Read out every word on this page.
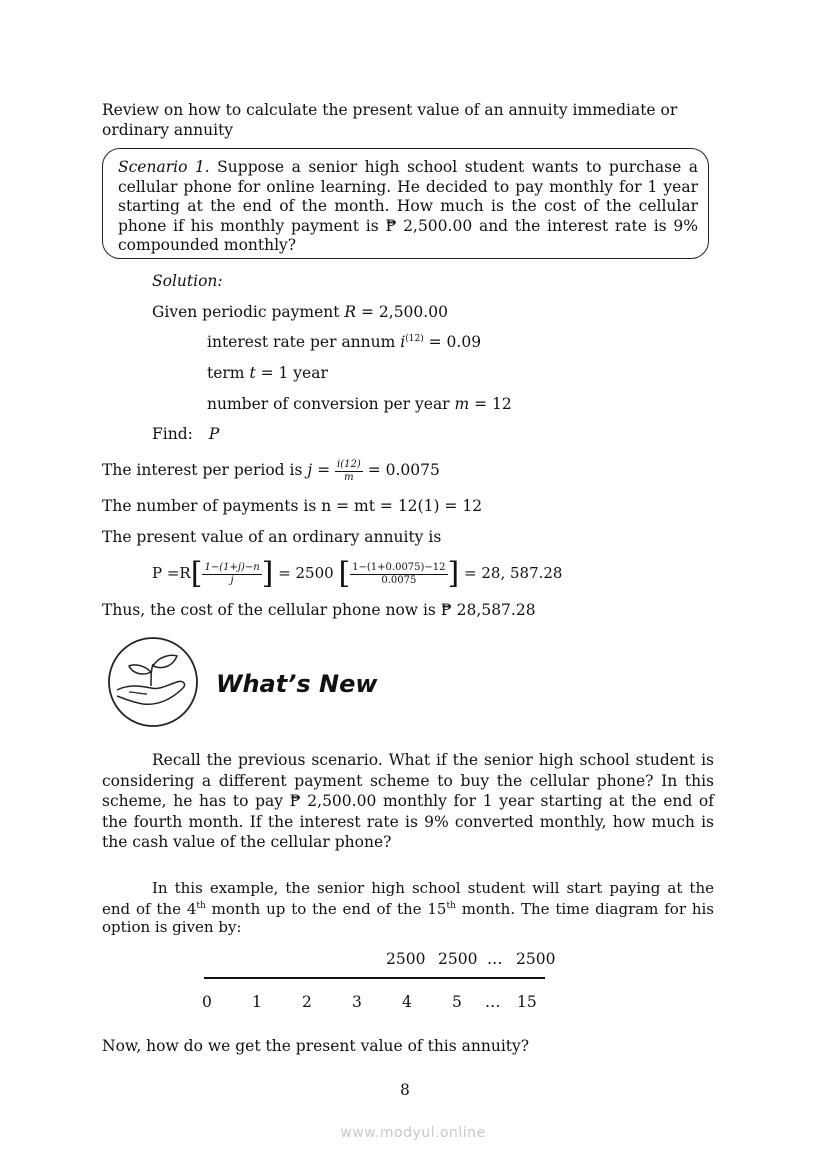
Review on how to calculate the present value of an annuity immediate or ordinary annuity
Scenario 1. Suppose a senior high school student wants to purchase a cellular phone for online learning. He decided to pay monthly for 1 year starting at the end of the month. How much is the cost of the cellular phone if his monthly payment is ₱ 2,500.00 and the interest rate is 9% compounded monthly?
Solution:
Given periodic payment R = 2,500.00
interest rate per annum $i^{(12)} = 0.09$
term t = 1 year
number of conversion per year m = 12
Find: P
The interest per period is $j = \frac{i(12)}{m} = 0.0075$
The number of payments is n = mt = 12(1) = 12
The present value of an ordinary annuity is
$P =R[ \frac{1-(1+j)-n}{j}$ ] = 2500 [ $\frac{1-(1+0.0075)-12}{0.0075}$ ] = 28, 587.28
Thus, the cost of the cellular phone now is ₱ 28,587.28
What’s New
Recall the previous scenario. What if the senior high school student is considering a different payment scheme to buy the cellular phone? In this scheme, he has to pay ₱ 2,500.00 monthly for 1 year starting at the end of the fourth month. If the interest rate is 9% converted monthly, how much is the cash value of the cellular phone?
In this example, the senior high school student will start paying at the end of the 4th month up to the end of the 15th month. The time diagram for his option is given by:
2500 2500 … 2500
0	1	2	3	4	5 … 15
Now, how do we get the present value of this annuity?
8
www.modyul.online
